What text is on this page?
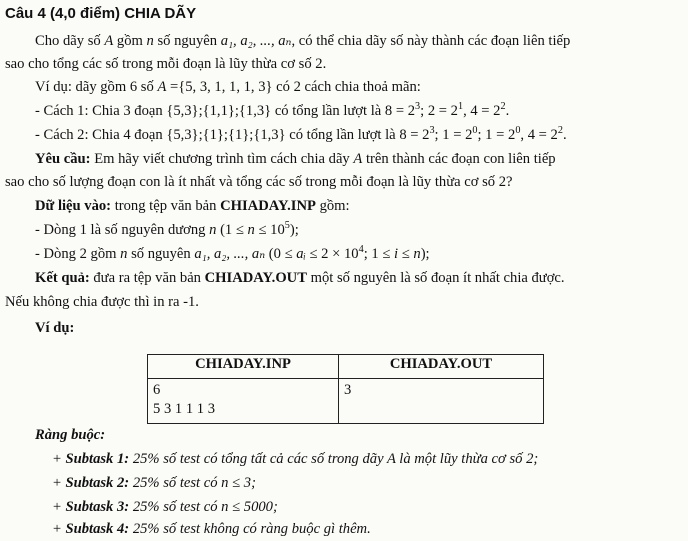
Câu 4 (4,0 điểm) CHIA DÃY
Cho dãy số A gồm n số nguyên a₁, a₂, ..., aₙ, có thể chia dãy số này thành các đoạn liên tiếp
sao cho tổng các số trong mỗi đoạn là lũy thừa cơ số 2.
Ví dụ: dãy gồm 6 số A ={5, 3, 1, 1, 1, 3} có 2 cách chia thoả mãn:
- Cách 1: Chia 3 đoạn {5,3};{1,1};{1,3} có tổng lần lượt là $8 = 2^3$; $2 = 2^1$, $4 = 2^2$.
- Cách 2: Chia 4 đoạn {5,3};{1};{1};{1,3} có tổng lần lượt là $8 = 2^3$; $1 = 2^0$; $1 = 2^0$, $4 = 2^2$.
Yêu cầu: Em hãy viết chương trình tìm cách chia dãy A trên thành các đoạn con liên tiếp
sao cho số lượng đoạn con là ít nhất và tổng các số trong mỗi đoạn là lũy thừa cơ số 2?
Dữ liệu vào: trong tệp văn bản CHIADAY.INP gồm:
- Dòng 1 là số nguyên dương n $(1 \le n \le 10^5)$;
- Dòng 2 gồm n số nguyên a₁, a₂, ..., aₙ (0 ≤ aᵢ ≤ $2 \times 10^4$; 1 ≤ i ≤ n);
Kết quả: đưa ra tệp văn bản CHIADAY.OUT một số nguyên là số đoạn ít nhất chia được.
Nếu không chia được thì in ra -1.
Ví dụ:
CHIADAY.INP	CHIADAY.OUT

6
5 3 1 1 1 3	3
Ràng buộc:
+ Subtask 1: 25% số test có tổng tất cả các số trong dãy A là một lũy thừa cơ số 2;
+ Subtask 2: 25% số test có n ≤ 3;
+ Subtask 3: 25% số test có n ≤ 5000;
+ Subtask 4: 25% số test không có ràng buộc gì thêm.
